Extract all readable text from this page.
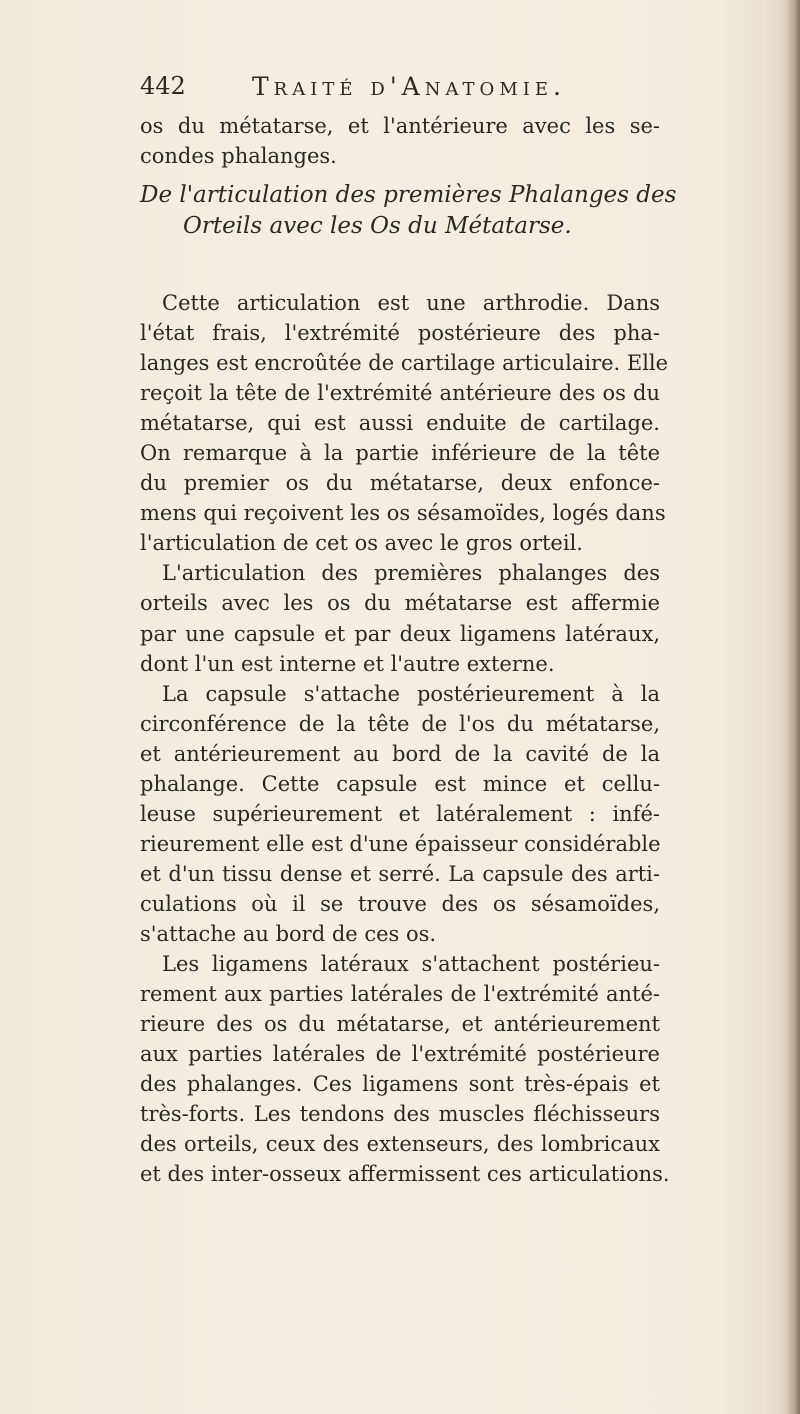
442	Traité d'Anatomie.
os du métatarse, et l'antérieure avec les se-
condes phalanges.
De l'articulation des premières Phalanges des
Orteils avec les Os du Métatarse.
Cette articulation est une arthrodie. Dans
l'état frais, l'extrémité postérieure des pha-
langes est encroûtée de cartilage articulaire. Elle
reçoit la tête de l'extrémité antérieure des os du
métatarse, qui est aussi enduite de cartilage.
On remarque à la partie inférieure de la tête
du premier os du métatarse, deux enfonce-
mens qui reçoivent les os sésamoïdes, logés dans
l'articulation de cet os avec le gros orteil.
L'articulation des premières phalanges des
orteils avec les os du métatarse est affermie
par une capsule et par deux ligamens latéraux,
dont l'un est interne et l'autre externe.
La capsule s'attache postérieurement à la
circonférence de la tête de l'os du métatarse,
et antérieurement au bord de la cavité de la
phalange. Cette capsule est mince et cellu-
leuse supérieurement et latéralement : infé-
rieurement elle est d'une épaisseur considérable
et d'un tissu dense et serré. La capsule des arti-
culations où il se trouve des os sésamoïdes,
s'attache au bord de ces os.
Les ligamens latéraux s'attachent postérieu-
rement aux parties latérales de l'extrémité anté-
rieure des os du métatarse, et antérieurement
aux parties latérales de l'extrémité postérieure
des phalanges. Ces ligamens sont très-épais et
très-forts. Les tendons des muscles fléchisseurs
des orteils, ceux des extenseurs, des lombricaux
et des inter-osseux affermissent ces articulations.
